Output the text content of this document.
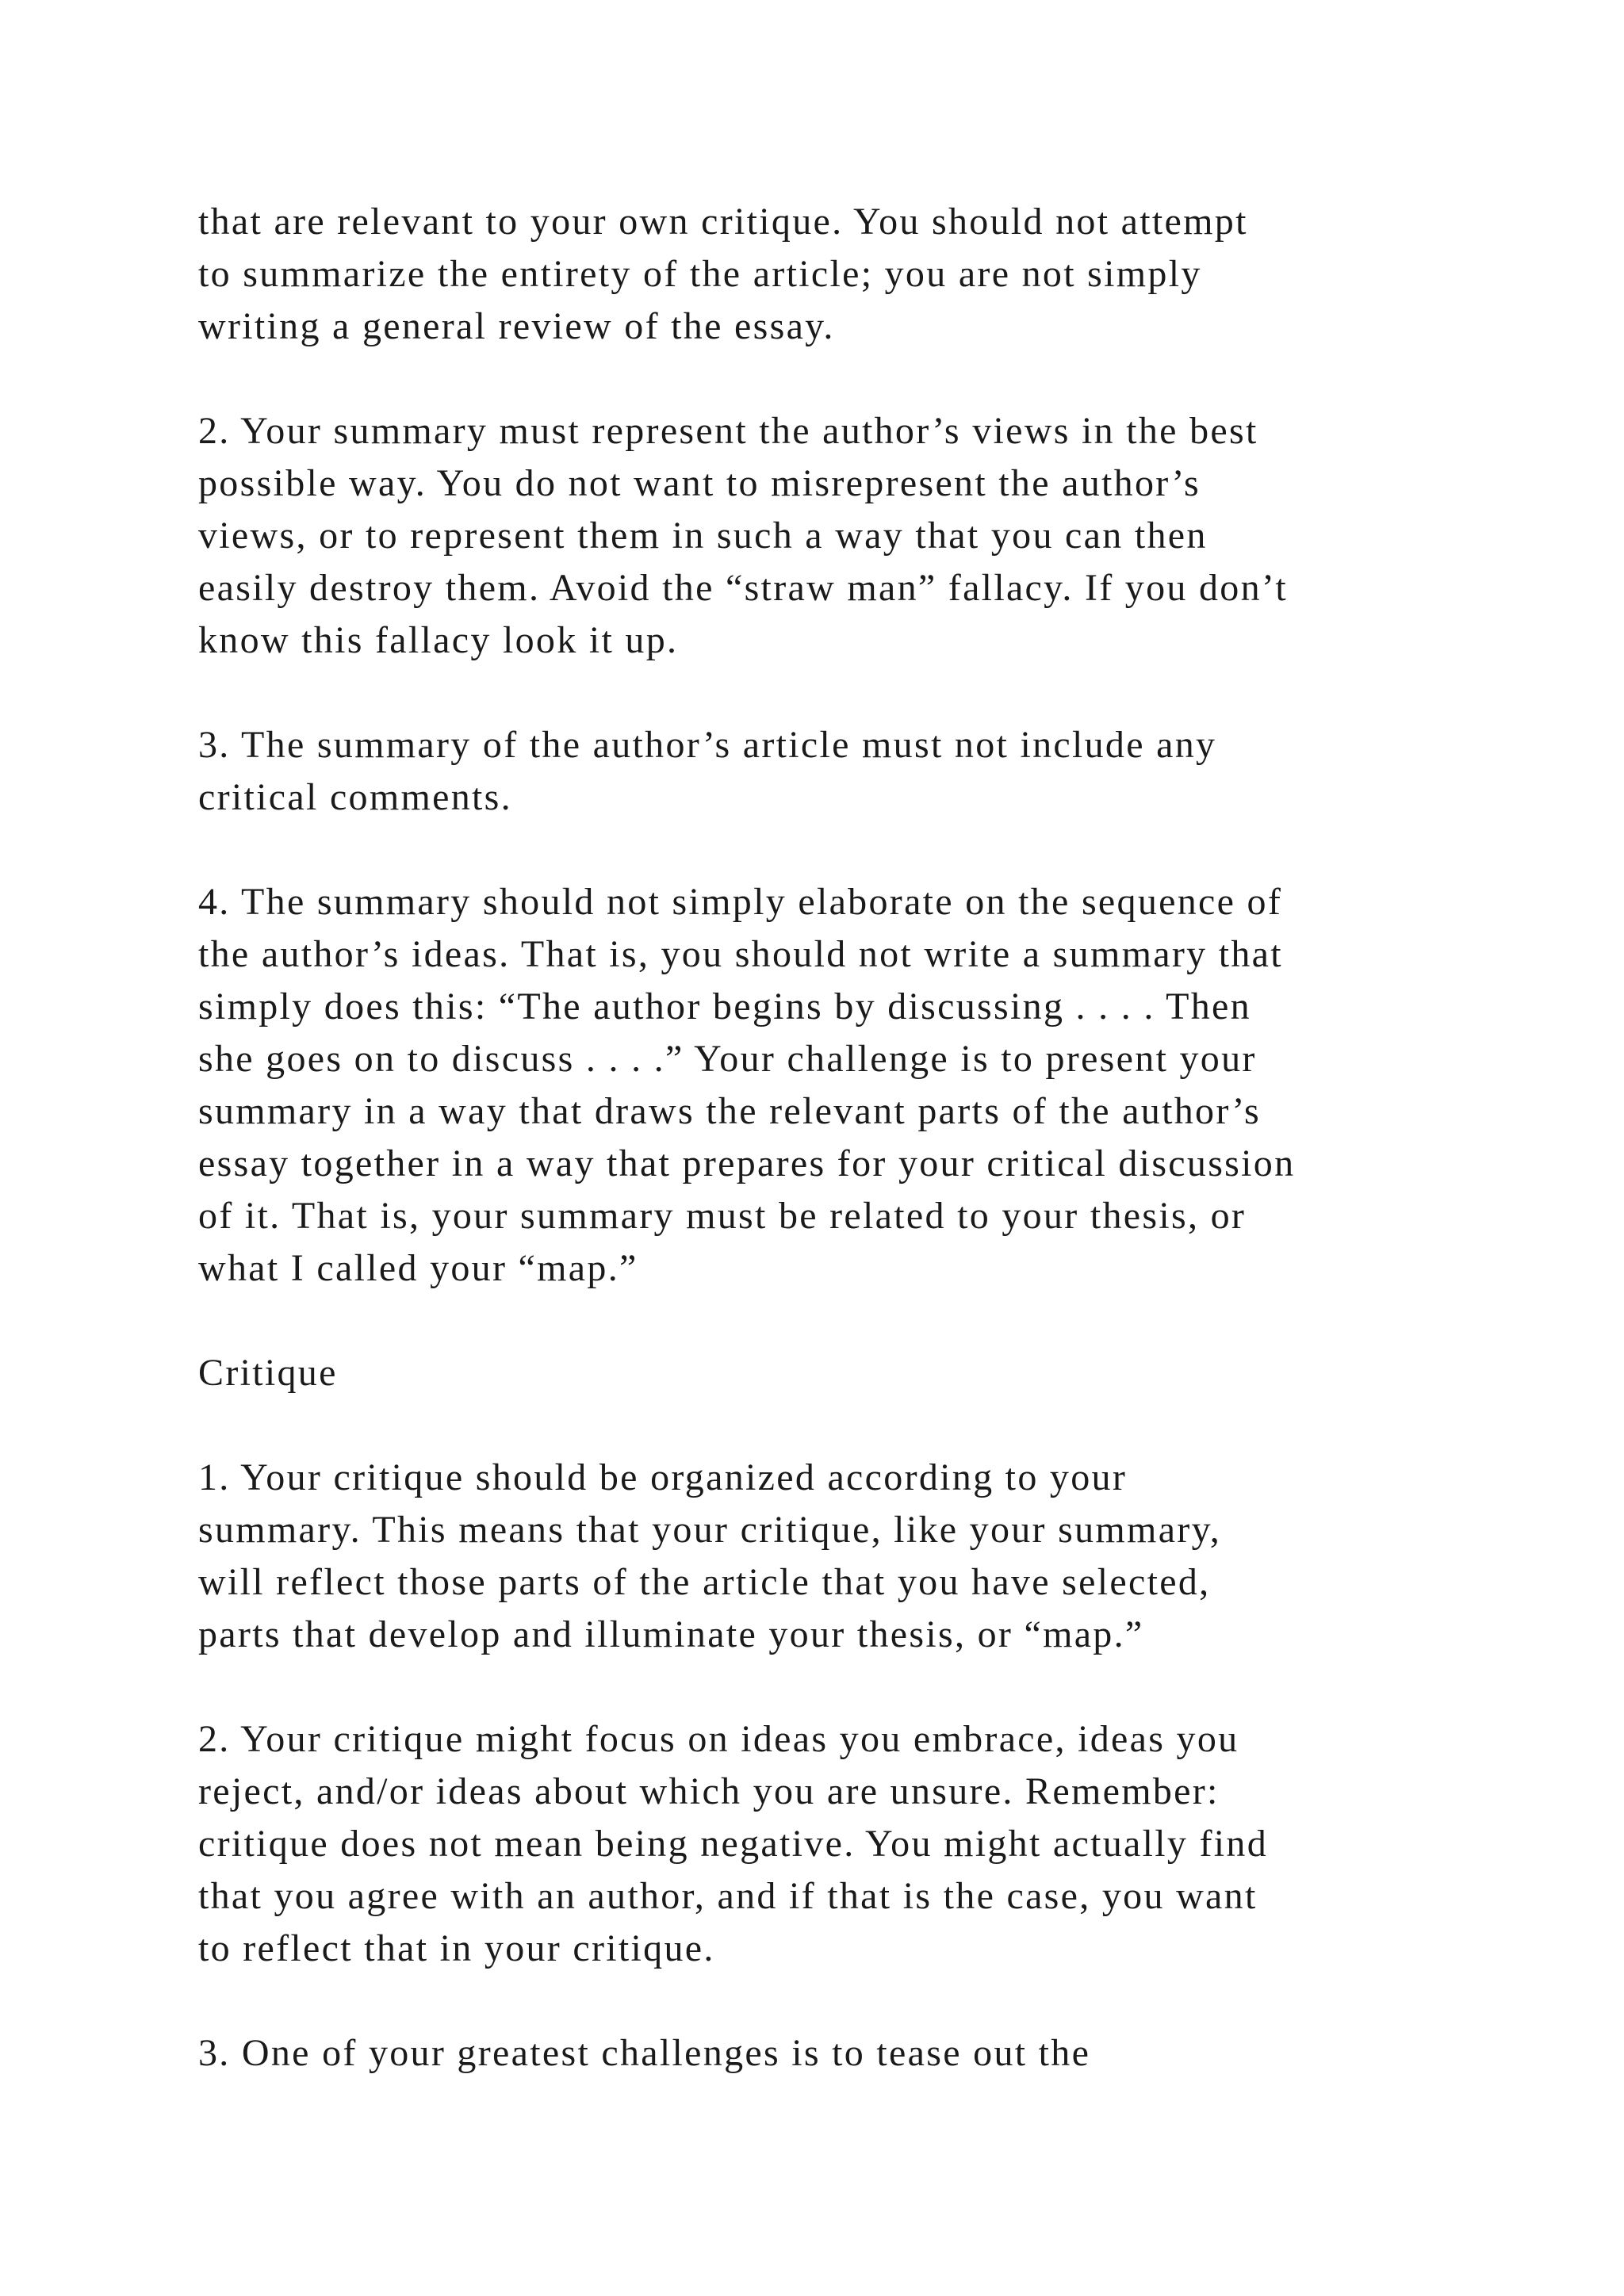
that are relevant to your own critique. You should not attempt
to summarize the entirety of the article; you are not simply
writing a general review of the essay.

2. Your summary must represent the author’s views in the best
possible way. You do not want to misrepresent the author’s
views, or to represent them in such a way that you can then
easily destroy them. Avoid the “straw man” fallacy. If you don’t
know this fallacy look it up.

3. The summary of the author’s article must not include any
critical comments.

4. The summary should not simply elaborate on the sequence of
the author’s ideas. That is, you should not write a summary that
simply does this: “The author begins by discussing . . . . Then
she goes on to discuss . . . .” Your challenge is to present your
summary in a way that draws the relevant parts of the author’s
essay together in a way that prepares for your critical discussion
of it. That is, your summary must be related to your thesis, or
what I called your “map.”

Critique

1. Your critique should be organized according to your
summary. This means that your critique, like your summary,
will reflect those parts of the article that you have selected,
parts that develop and illuminate your thesis, or “map.”

2. Your critique might focus on ideas you embrace, ideas you
reject, and/or ideas about which you are unsure. Remember:
critique does not mean being negative. You might actually find
that you agree with an author, and if that is the case, you want
to reflect that in your critique.

3. One of your greatest challenges is to tease out the
